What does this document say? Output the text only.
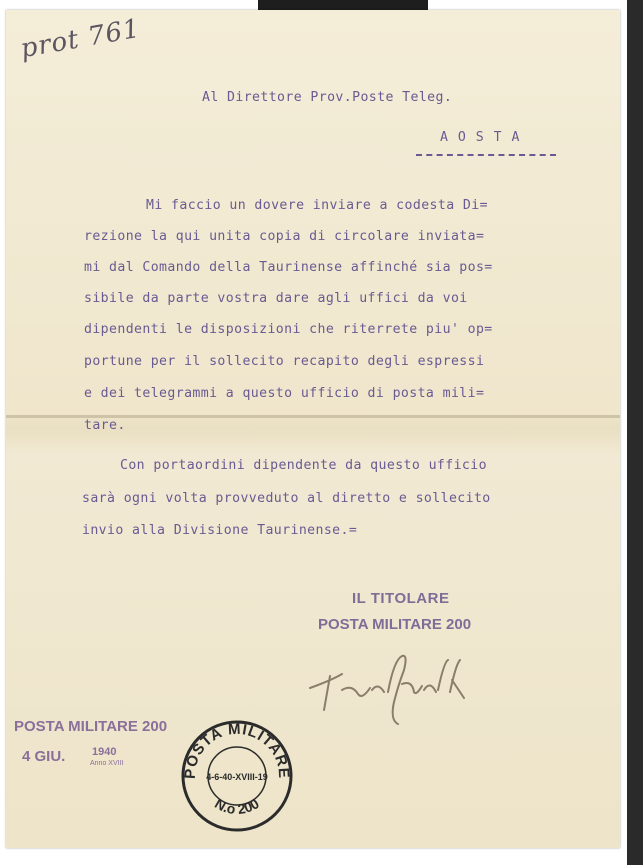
prot 761
Al Direttore Prov.Poste Teleg.
A O S T A
Mi faccio un dovere inviare a codesta Di=
rezione la qui unita copia di circolare inviata=
mi dal Comando della Taurinense affinché sia pos=
sibile da parte vostra dare agli uffici da voi
dipendenti le disposizioni che riterrete piu' op=
portune per il sollecito recapito degli espressi
e dei telegrammi a questo ufficio di posta mili=
tare.
Con portaordini dipendente da questo ufficio
sarà ogni volta provveduto al diretto e sollecito
invio alla Divisione Taurinense.=
IL TITOLARE
POSTA MILITARE 200
POSTA MILITARE 200
4 GIU. 1940
Anno XVIII
POSTA MILITARE
N.o 200
4-6-40-XVIII-19
